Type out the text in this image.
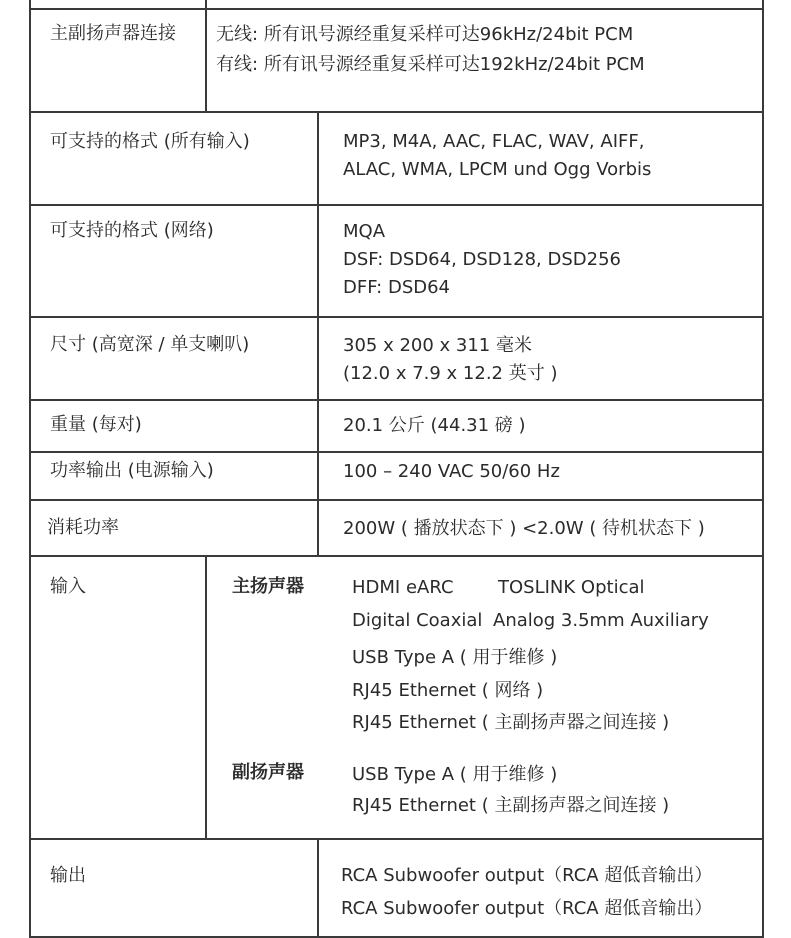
主副扬声器连接 无线: 所有讯号源经重复采样可达96kHz/24bit PCM
有线: 所有讯号源经重复采样可达192kHz/24bit PCM
可支持的格式 (所有输入)	MP3, M4A, AAC, FLAC, WAV, AIFF,
ALAC, WMA, LPCM und Ogg Vorbis
可支持的格式 (网络)	MQA
DSF: DSD64, DSD128, DSD256
DFF: DSD64
尺寸 (高宽深 / 单支喇叭)	305 x 200 x 311 毫米
(12.0 x 7.9 x 12.2 英寸 )
重量 (每对)	20.1 公斤 (44.31 磅 )
功率输出 (电源输入)	100 – 240 VAC 50/60 Hz
消耗功率	200W ( 播放状态下 ) <2.0W ( 待机状态下 )
输入	主扬声器	HDMI eARC TOSLINK Optical
Digital Coaxial Analog 3.5mm Auxiliary
USB Type A ( 用于维修 )
RJ45 Ethernet ( 网络 )
RJ45 Ethernet ( 主副扬声器之间连接 )
副扬声器	USB Type A ( 用于维修 )
RJ45 Ethernet ( 主副扬声器之间连接 )
输出	RCA Subwoofer output（RCA 超低音输出）
RCA Subwoofer output（RCA 超低音输出）
